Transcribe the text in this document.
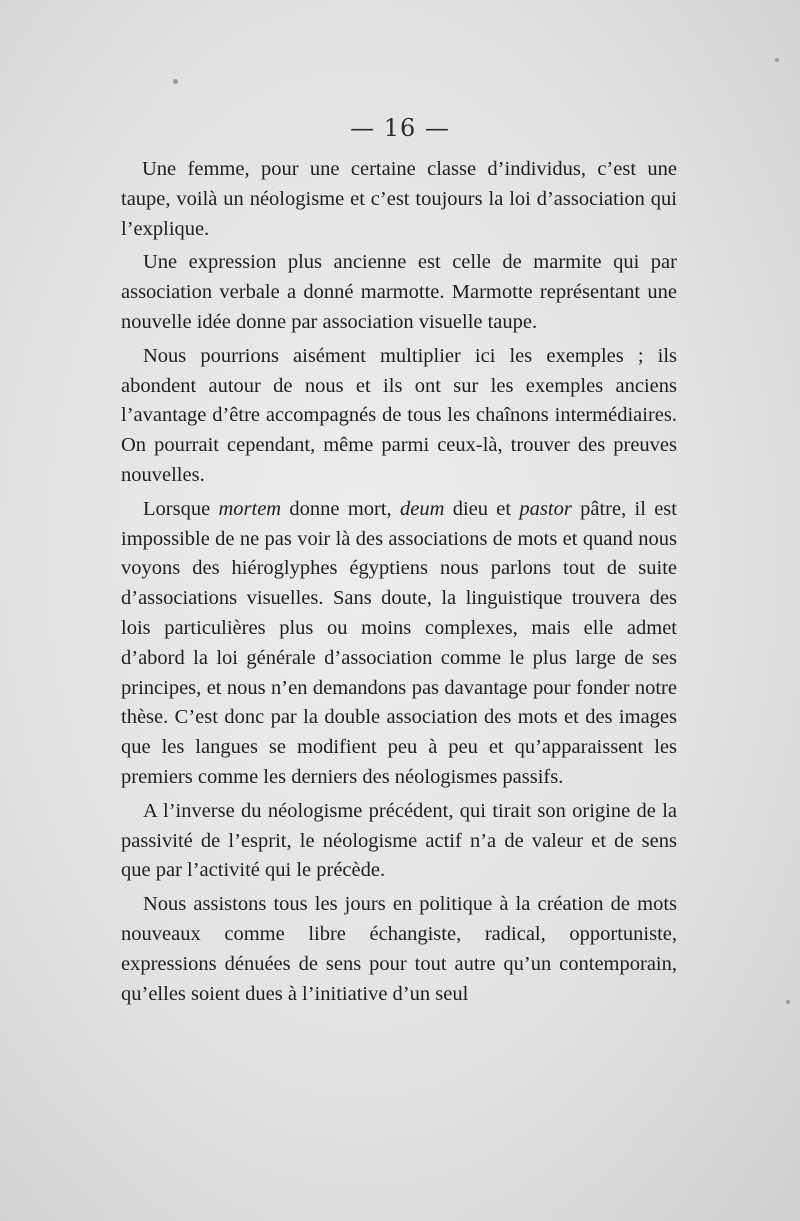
— 16 —

Une femme, pour une certaine classe d’individus, c’est une taupe, voilà un néologisme et c’est toujours la loi d’association qui l’explique.

Une expression plus ancienne est celle de marmite qui par association verbale a donné marmotte. Marmotte représentant une nouvelle idée donne par association visuelle taupe.

Nous pourrions aisément multiplier ici les exemples ; ils abondent autour de nous et ils ont sur les exemples anciens l’avantage d’être accompagnés de tous les chaînons intermédiaires. On pourrait cependant, même parmi ceux-là, trouver des preuves nouvelles.

Lorsque mortem donne mort, deum dieu et pastor pâtre, il est impossible de ne pas voir là des associations de mots et quand nous voyons des hiéroglyphes égyptiens nous parlons tout de suite d’associations visuelles. Sans doute, la linguistique trouvera des lois particulières plus ou moins complexes, mais elle admet d’abord la loi générale d’association comme le plus large de ses principes, et nous n’en demandons pas davantage pour fonder notre thèse. C’est donc par la double association des mots et des images que les langues se modifient peu à peu et qu’apparaissent les premiers comme les derniers des néologismes passifs.

A l’inverse du néologisme précédent, qui tirait son origine de la passivité de l’esprit, le néologisme actif n’a de valeur et de sens que par l’activité qui le précède.

Nous assistons tous les jours en politique à la création de mots nouveaux comme libre échangiste, radical, opportuniste, expressions dénuées de sens pour tout autre qu’un contemporain, qu’elles soient dues à l’initiative d’un seul
